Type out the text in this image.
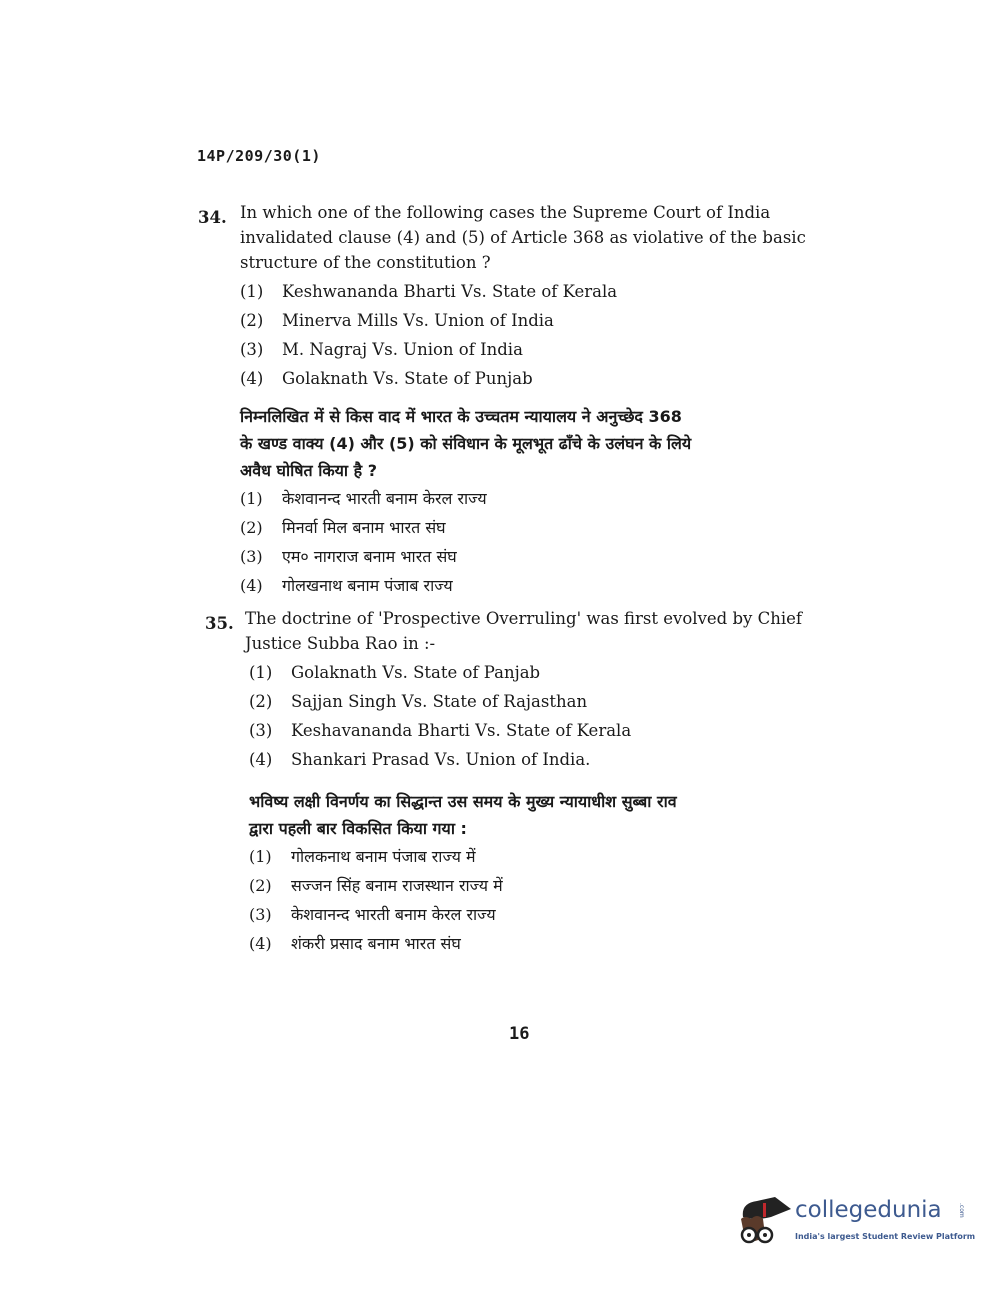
14P/209/30(1)
34. In which one of the following cases the Supreme Court of India
invalidated clause (4) and (5) of Article 368 as violative of the basic
structure of the constitution ?
(1)	Keshwananda Bharti Vs. State of Kerala
(2)	Minerva Mills Vs. Union of India
(3)	M. Nagraj Vs. Union of India
(4)	Golaknath Vs. State of Punjab
निम्नलिखित में से किस वाद में भारत के उच्चतम न्यायालय ने अनुच्छेद 368
के खण्ड वाक्य (4) और (5) को संविधान के मूलभूत ढाँचे के उलंघन के लिये
अवैध घोषित किया है ?
(1)	केशवानन्द भारती बनाम केरल राज्य
(2)	मिनर्वा मिल बनाम भारत संघ
(3)	एम० नागराज बनाम भारत संघ
(4)	गोलखनाथ बनाम पंजाब राज्य
35. The doctrine of 'Prospective Overruling' was first evolved by Chief
Justice Subba Rao in :-
(1)	Golaknath Vs. State of Panjab
(2)	Sajjan Singh Vs. State of Rajasthan
(3)	Keshavananda Bharti Vs. State of Kerala
(4)	Shankari Prasad Vs. Union of India.
भविष्य लक्षी विनर्णय का सिद्धान्त उस समय के मुख्य न्यायाधीश सुब्बा राव
द्वारा पहली बार विकसित किया गया :
(1)	गोलकनाथ बनाम पंजाब राज्य में
(2)	सज्जन सिंह बनाम राजस्थान राज्य में
(3)	केशवानन्द भारती बनाम केरल राज्य
(4)	शंकरी प्रसाद बनाम भारत संघ
16
collegedunia	.com
India's largest Student Review Platform
